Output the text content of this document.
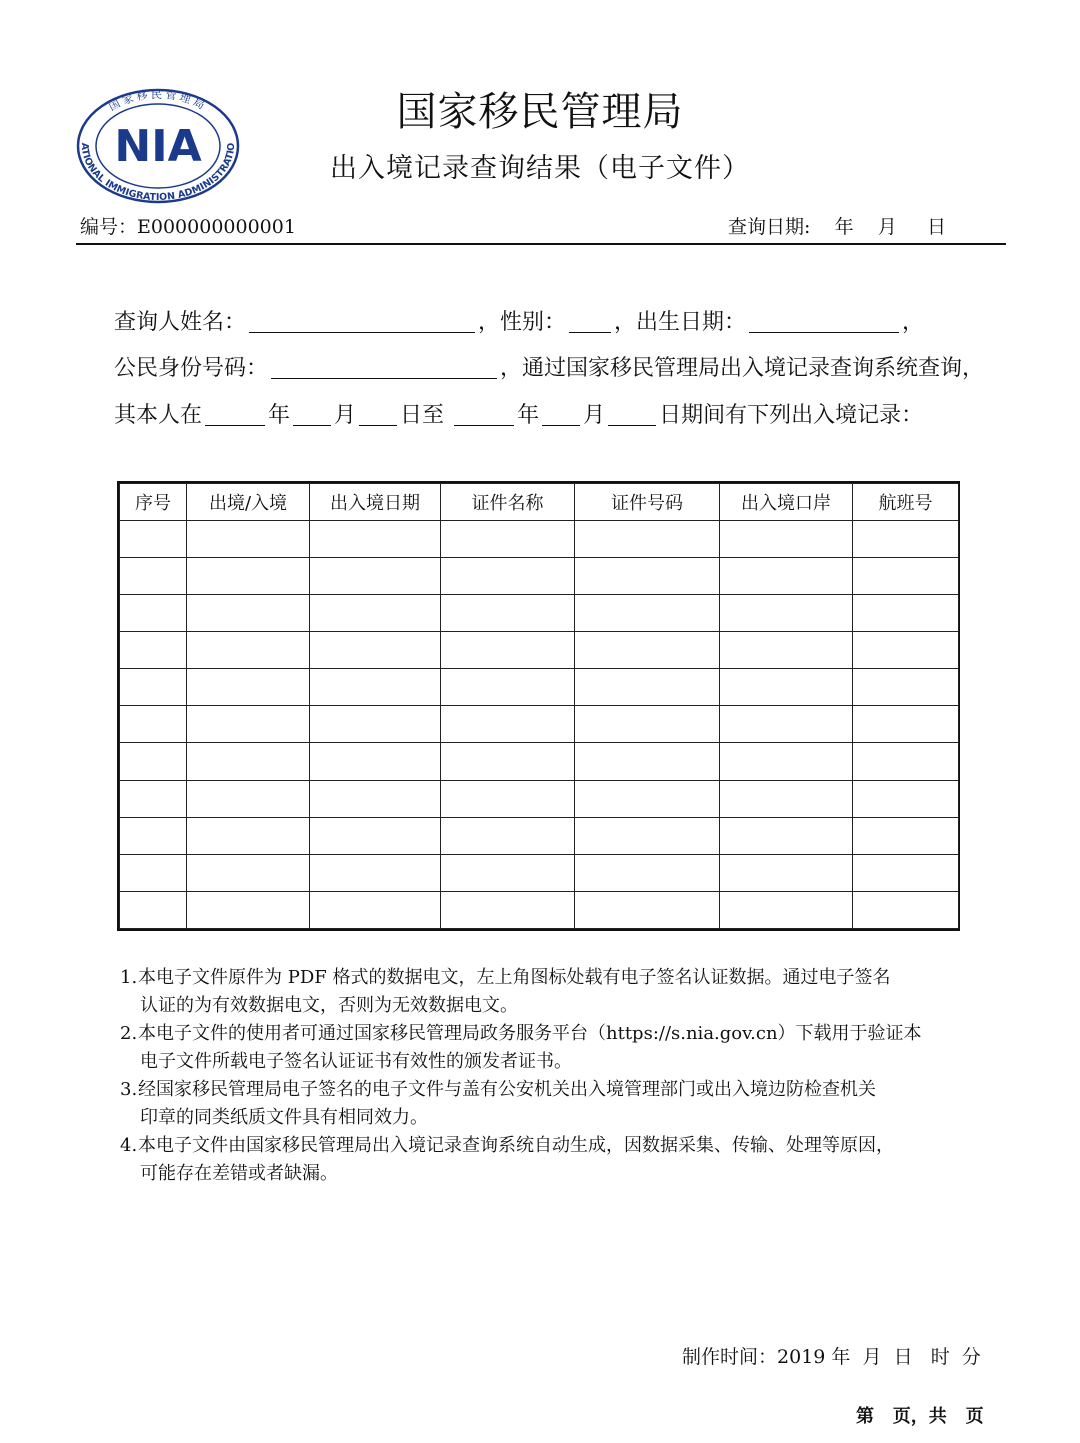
国家移民管理局
ATIONAL IMMIGRATION ADMINISTRATIO
NIA
国家移民管理局
出入境记录查询结果（电子文件）
编号：E000000000001	查询日期: 年 月 日
查询人姓名：	，性别： ，出生日期：	，
公民身份号码：	，通过国家移民管理局出入境记录查询系统查询，
其本人在	年 月 日至	年 月 日期间有下列出入境记录：
序号	出境/入境	出入境日期	证件名称	证件号码	出入境口岸	航班号

1.本电子文件原件为 PDF 格式的数据电文，左上角图标处载有电子签名认证数据。通过电子签名
认证的为有效数据电文，否则为无效数据电文。
2.本电子文件的使用者可通过国家移民管理局政务服务平台（https://s.nia.gov.cn）下载用于验证本
电子文件所载电子签名认证证书有效性的颁发者证书。
3.经国家移民管理局电子签名的电子文件与盖有公安机关出入境管理部门或出入境边防检查机关
印章的同类纸质文件具有相同效力。
4.本电子文件由国家移民管理局出入境记录查询系统自动生成，因数据采集、传输、处理等原因，
可能存在差错或者缺漏。
制作时间：2019 年  月  日   时  分
第   页，共   页
